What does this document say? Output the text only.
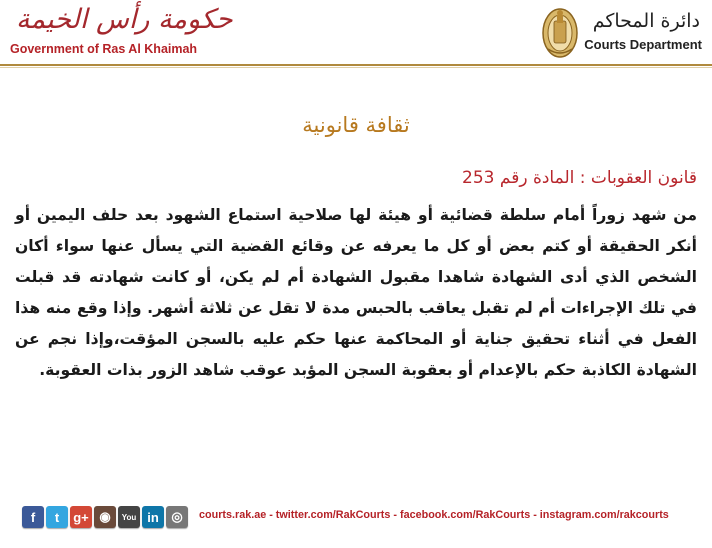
حكومة رأس الخيمة
Government of Ras Al Khaimah
دائرة المحاكم
Courts Department
ثقافة قانونية
قانون العقوبات : المادة رقم 253
من شهد زوراً أمام سلطة قضائية أو هيئة لها صلاحية استماع الشهود بعد حلف اليمين أو أنكر الحقيقة أو كتم بعض أو كل ما يعرفه عن وقائع القضية التي يسأل عنها سواء أكان الشخص الذي أدى الشهادة شاهدا مقبول الشهادة أم لم يكن، أو كانت شهادته قد قبلت في تلك الإجراءات أم لم تقبل يعاقب بالحبس مدة لا تقل عن ثلاثة أشهر. وإذا وقع منه هذا الفعل في أثناء تحقيق جناية أو المحاكمة عنها حكم عليه بالسجن المؤقت،وإذا نجم عن الشهادة الكاذبة حكم بالإعدام أو بعقوبة السجن المؤبد عوقب شاهد الزور بذات العقوبة.
f	t	g+ ◉	You in ◎	courts.rak.ae - twitter.com/RakCourts - facebook.com/RakCourts - instagram.com/rakcourts
